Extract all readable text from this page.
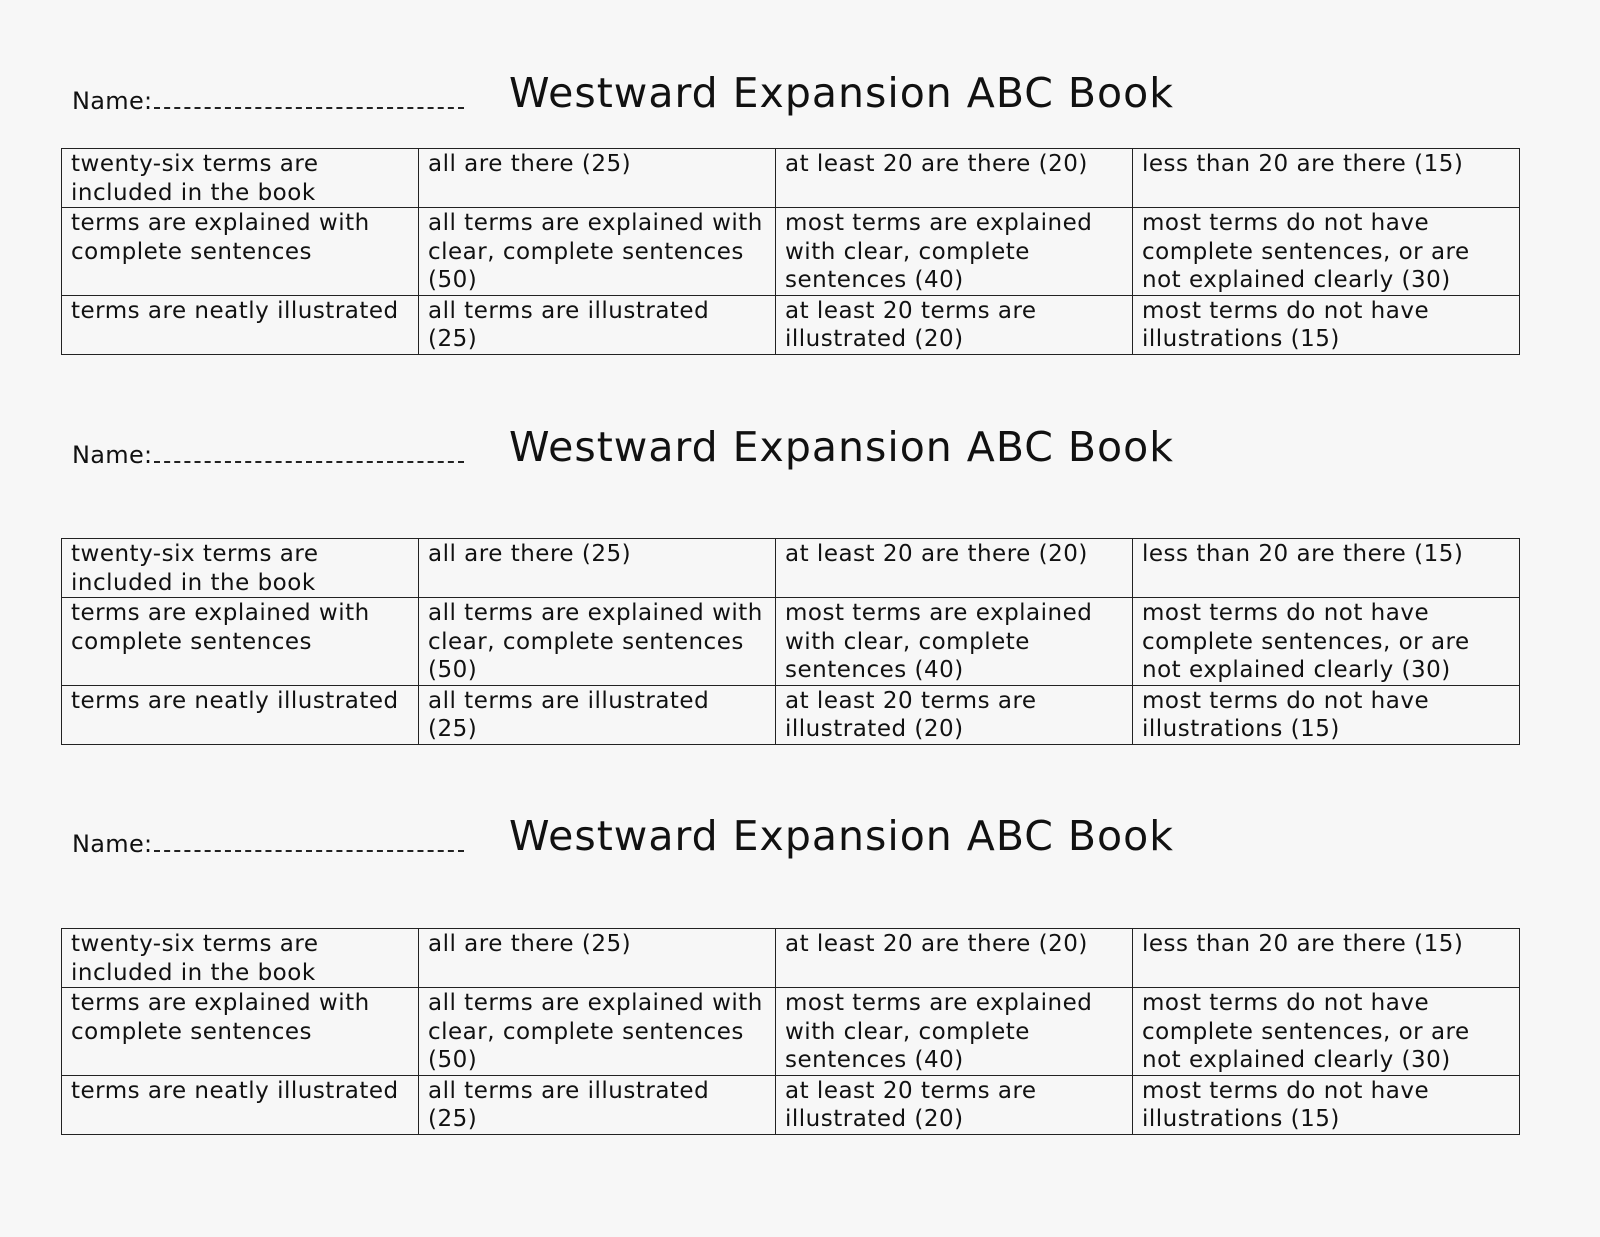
Name:	Westward Expansion ABC Book
twenty-six terms are included in the book	all are there (25)	at least 20 are there (20)	less than 20 are there (15)
terms are explained with complete sentences	all terms are explained with clear, complete sentences (50)	most terms are explained with clear, complete sentences (40)	most terms do not have complete sentences, or are not explained clearly (30)
terms are neatly illustrated	all terms are illustrated (25)	at least 20 terms are illustrated (20)	most terms do not have illustrations (15)
Name:	Westward Expansion ABC Book
twenty-six terms are included in the book	all are there (25)	at least 20 are there (20)	less than 20 are there (15)
terms are explained with complete sentences	all terms are explained with clear, complete sentences (50)	most terms are explained with clear, complete sentences (40)	most terms do not have complete sentences, or are not explained clearly (30)
terms are neatly illustrated	all terms are illustrated (25)	at least 20 terms are illustrated (20)	most terms do not have illustrations (15)
Name:	Westward Expansion ABC Book
twenty-six terms are included in the book	all are there (25)	at least 20 are there (20)	less than 20 are there (15)
terms are explained with complete sentences	all terms are explained with clear, complete sentences (50)	most terms are explained with clear, complete sentences (40)	most terms do not have complete sentences, or are not explained clearly (30)
terms are neatly illustrated	all terms are illustrated (25)	at least 20 terms are illustrated (20)	most terms do not have illustrations (15)
